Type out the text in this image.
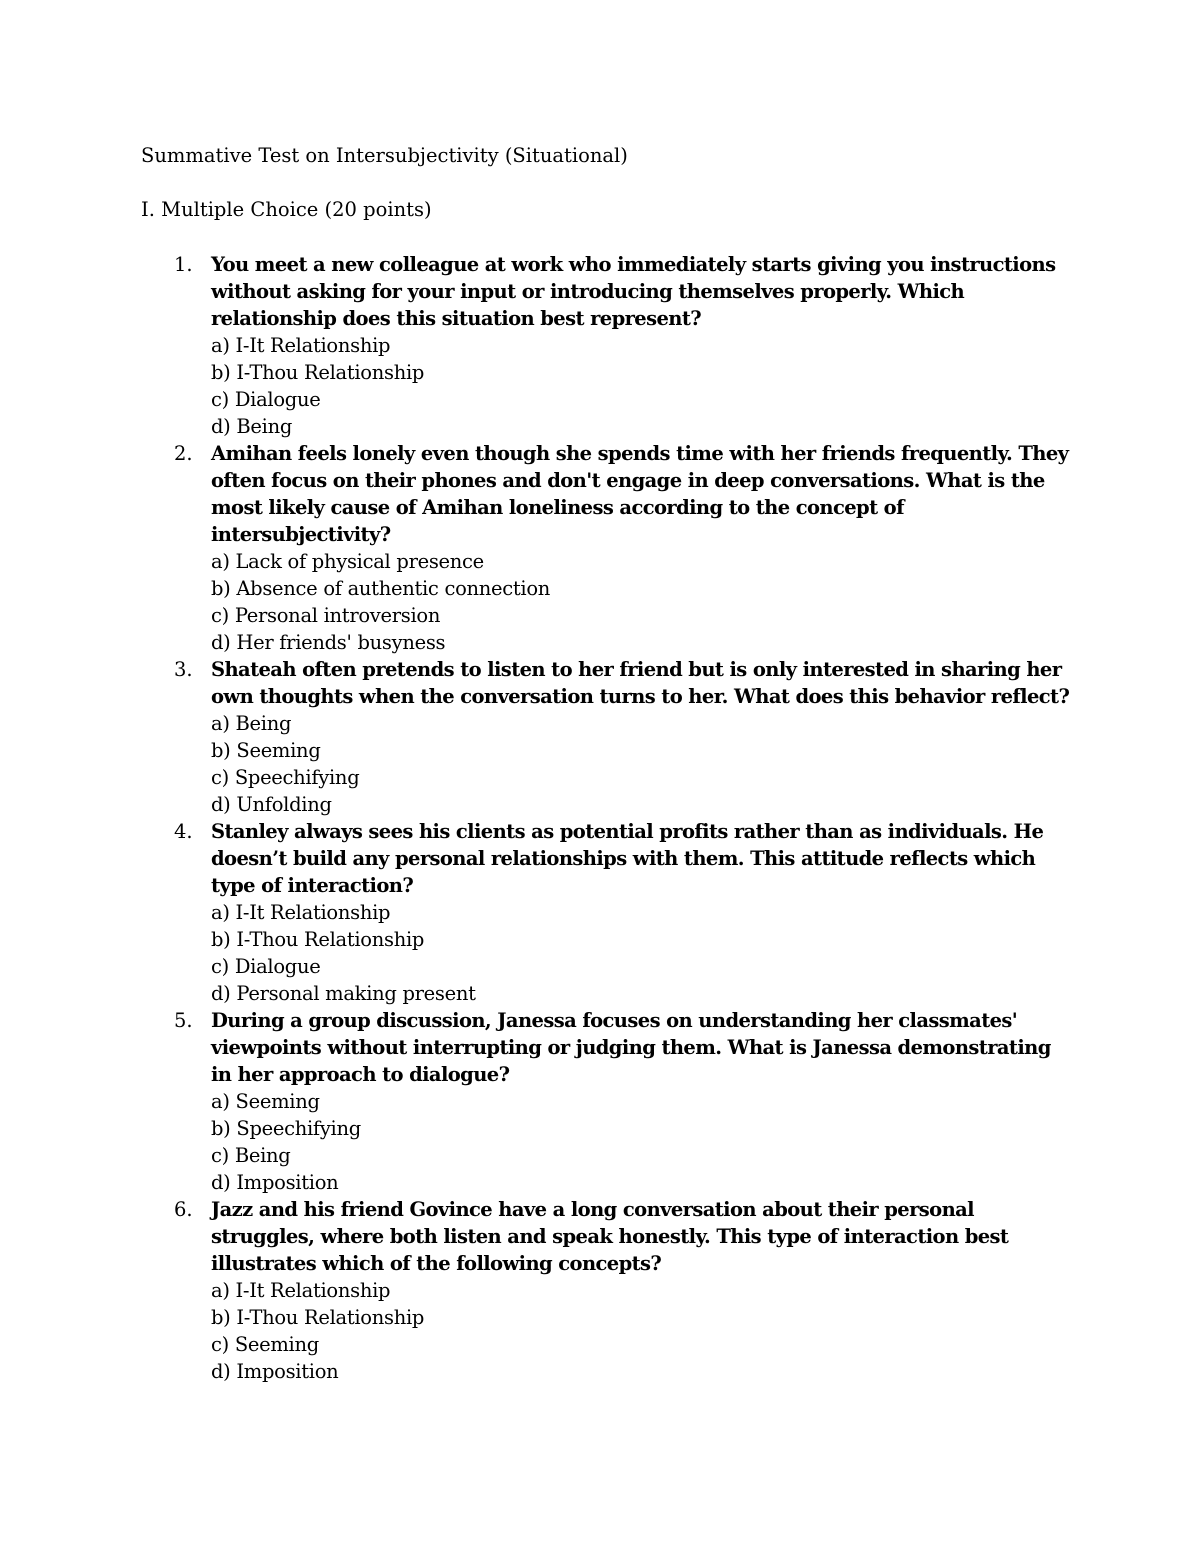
Summative Test on Intersubjectivity (Situational)
I. Multiple Choice (20 points)
1. You meet a new colleague at work who immediately starts giving you instructions without asking for your input or introducing themselves properly. Which relationship does this situation best represent?
a) I-It Relationship
b) I-Thou Relationship
c) Dialogue
d) Being
2. Amihan feels lonely even though she spends time with her friends frequently. They often focus on their phones and don't engage in deep conversations. What is the most likely cause of Amihan loneliness according to the concept of intersubjectivity?
a) Lack of physical presence
b) Absence of authentic connection
c) Personal introversion
d) Her friends' busyness
3. Shateah often pretends to listen to her friend but is only interested in sharing her own thoughts when the conversation turns to her. What does this behavior reflect?
a) Being
b) Seeming
c) Speechifying
d) Unfolding
4. Stanley always sees his clients as potential profits rather than as individuals. He doesn’t build any personal relationships with them. This attitude reflects which type of interaction?
a) I-It Relationship
b) I-Thou Relationship
c) Dialogue
d) Personal making present
5. During a group discussion, Janessa focuses on understanding her classmates' viewpoints without interrupting or judging them. What is Janessa demonstrating in her approach to dialogue?
a) Seeming
b) Speechifying
c) Being
d) Imposition
6. Jazz and his friend Govince have a long conversation about their personal struggles, where both listen and speak honestly. This type of interaction best illustrates which of the following concepts?
a) I-It Relationship
b) I-Thou Relationship
c) Seeming
d) Imposition
